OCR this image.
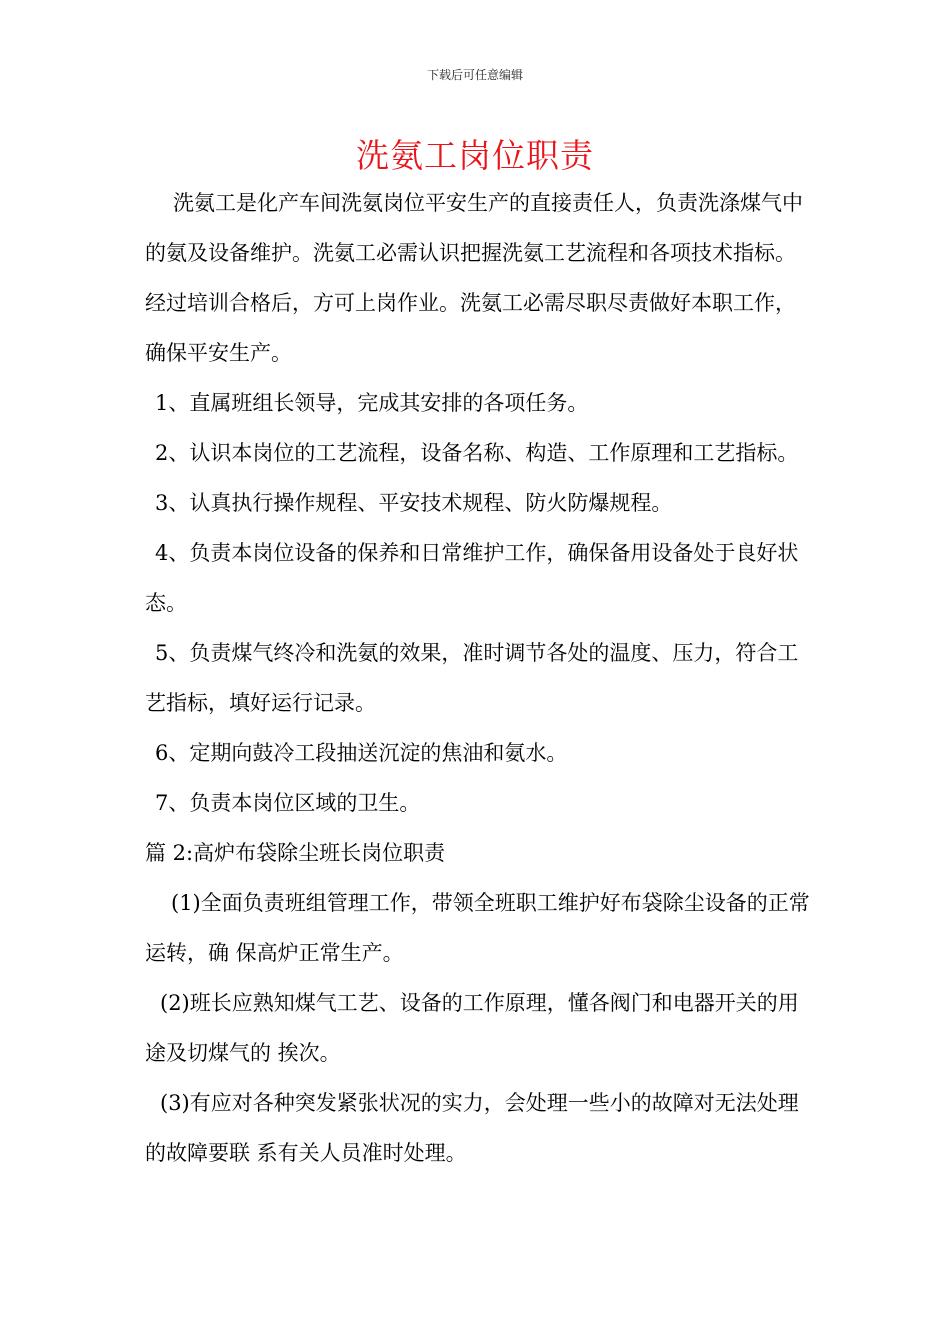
下载后可任意编辑
洗氨工岗位职责

洗氨工是化产车间洗氨岗位平安生产的直接责任人，负责洗涤煤气中的氨及设备维护。洗氨工必需认识把握洗氨工艺流程和各项技术指标。经过培训合格后，方可上岗作业。洗氨工必需尽职尽责做好本职工作，确保平安生产。

1、直属班组长领导，完成其安排的各项任务。

2、认识本岗位的工艺流程，设备名称、构造、工作原理和工艺指标。

3、认真执行操作规程、平安技术规程、防火防爆规程。

4、负责本岗位设备的保养和日常维护工作，确保备用设备处于良好状态。

5、负责煤气终冷和洗氨的效果，准时调节各处的温度、压力，符合工艺指标，填好运行记录。

6、定期向鼓冷工段抽送沉淀的焦油和氨水。

7、负责本岗位区域的卫生。

篇 2:高炉布袋除尘班长岗位职责

(1)全面负责班组管理工作，带领全班职工维护好布袋除尘设备的正常运转，确 保高炉正常生产。

(2)班长应熟知煤气工艺、设备的工作原理，懂各阀门和电器开关的用途及切煤气的 挨次。

(3)有应对各种突发紧张状况的实力，会处理一些小的故障对无法处理的故障要联 系有关人员准时处理。
